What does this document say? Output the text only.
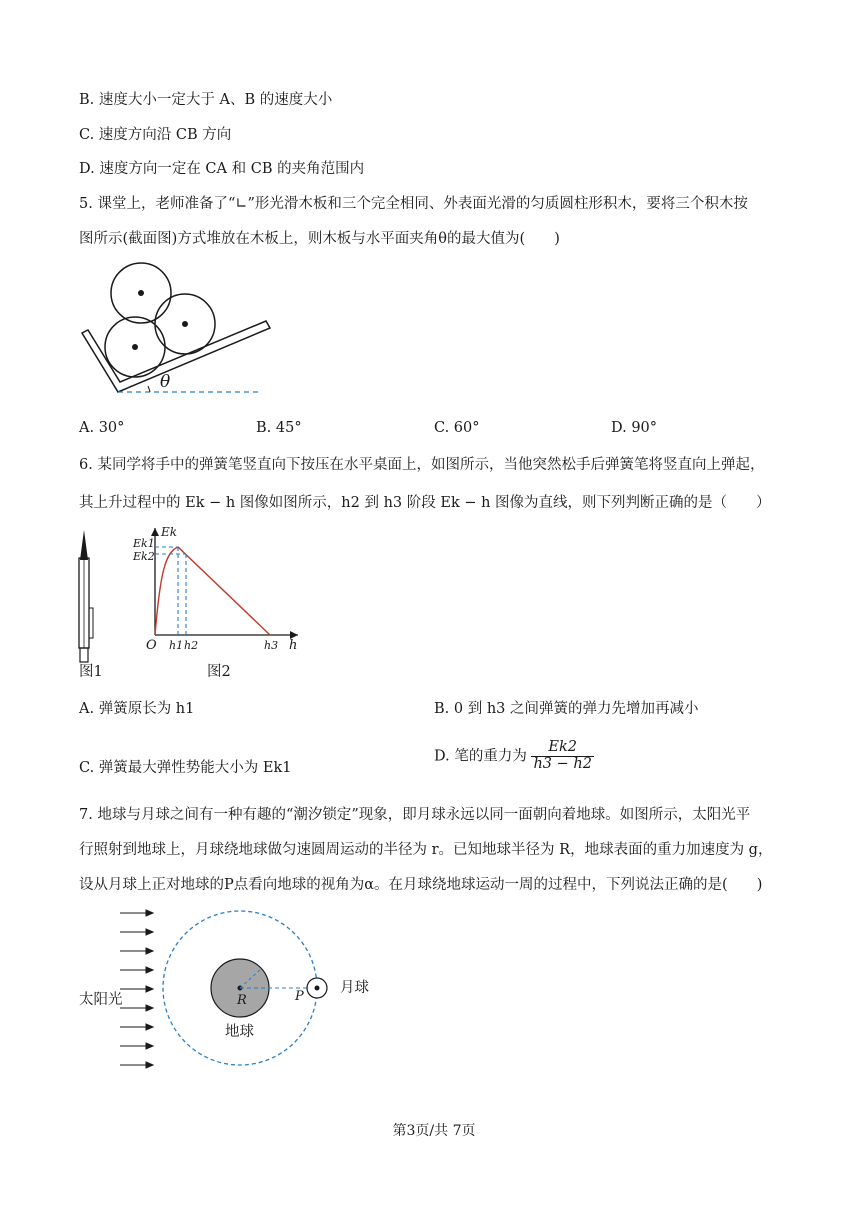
B. 速度大小一定大于 A、B 的速度大小
C. 速度方向沿 CB 方向
D. 速度方向一定在 CA 和 CB 的夹角范围内
5. 课堂上，老师准备了“∟”形光滑木板和三个完全相同、外表面光滑的匀质圆柱形积木，要将三个积木按
图所示(截面图)方式堆放在木板上，则木板与水平面夹角θ的最大值为(　　)
θ
A. 30°	B. 45°	C. 60°	D. 90°
6. 某同学将手中的弹簧笔竖直向下按压在水平桌面上，如图所示，当他突然松手后弹簧笔将竖直向上弹起，
其上升过程中的 Ek − h 图像如图所示，h2 到 h3 阶段 Ek − h 图像为直线，则下列判断正确的是（　　）
Ek
Ek1
Ek2
O h1 h2	h3 h
图1	图2
A. 弹簧原长为 h1	B. 0 到 h3 之间弹簧的弹力先增加再减小
C. 弹簧最大弹性势能大小为 Ek1
D. 笔的重力为 $\frac{Ek2}{h3 - h2}$
7. 地球与月球之间有一种有趣的“潮汐锁定”现象，即月球永远以同一面朝向着地球。如图所示，太阳光平
行照射到地球上，月球绕地球做匀速圆周运动的半径为 r。已知地球半径为 R，地球表面的重力加速度为 g，
设从月球上正对地球的P点看向地球的视角为α。在月球绕地球运动一周的过程中，下列说法正确的是(　　)
太阳光
地球
月球
R	P
第3页/共 7页
